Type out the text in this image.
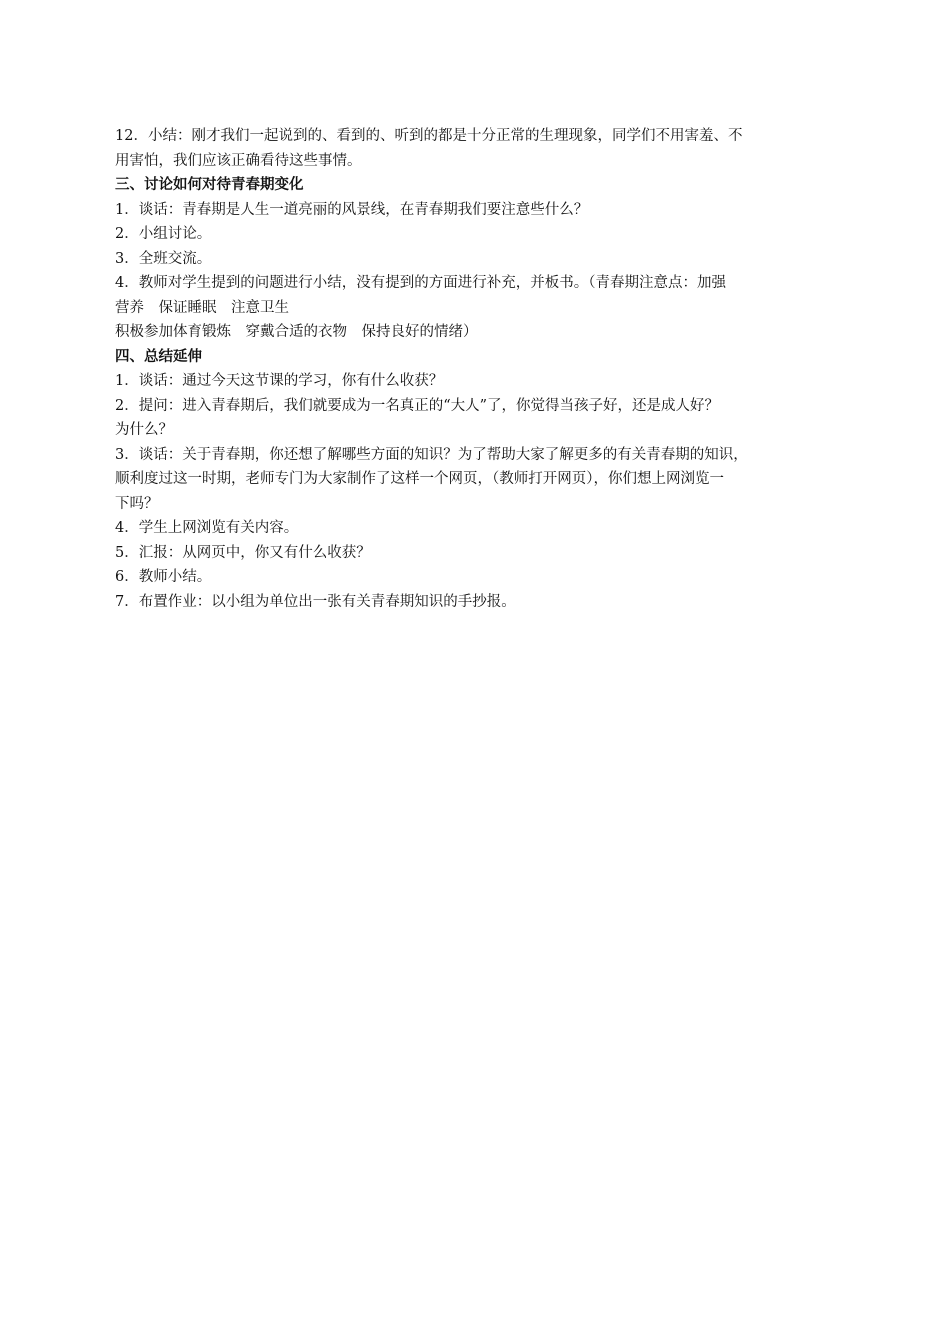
12．小结：刚才我们一起说到的、看到的、听到的都是十分正常的生理现象，同学们不用害羞、不

用害怕，我们应该正确看待这些事情。

三、讨论如何对待青春期变化

1．谈话：青春期是人生一道亮丽的风景线，在青春期我们要注意些什么？

2．小组讨论。

3．全班交流。

4．教师对学生提到的问题进行小结，没有提到的方面进行补充，并板书。（青春期注意点：加强

营养　保证睡眠　注意卫生

积极参加体育锻炼　穿戴合适的衣物　保持良好的情绪）

四、总结延伸

1．谈话：通过今天这节课的学习，你有什么收获？

2．提问：进入青春期后，我们就要成为一名真正的“大人”了，你觉得当孩子好，还是成人好？

为什么？

3．谈话：关于青春期，你还想了解哪些方面的知识？为了帮助大家了解更多的有关青春期的知识，

顺利度过这一时期，老师专门为大家制作了这样一个网页，（教师打开网页），你们想上网浏览一

下吗？

4．学生上网浏览有关内容。

5．汇报：从网页中，你又有什么收获？

6．教师小结。

7．布置作业：以小组为单位出一张有关青春期知识的手抄报。
